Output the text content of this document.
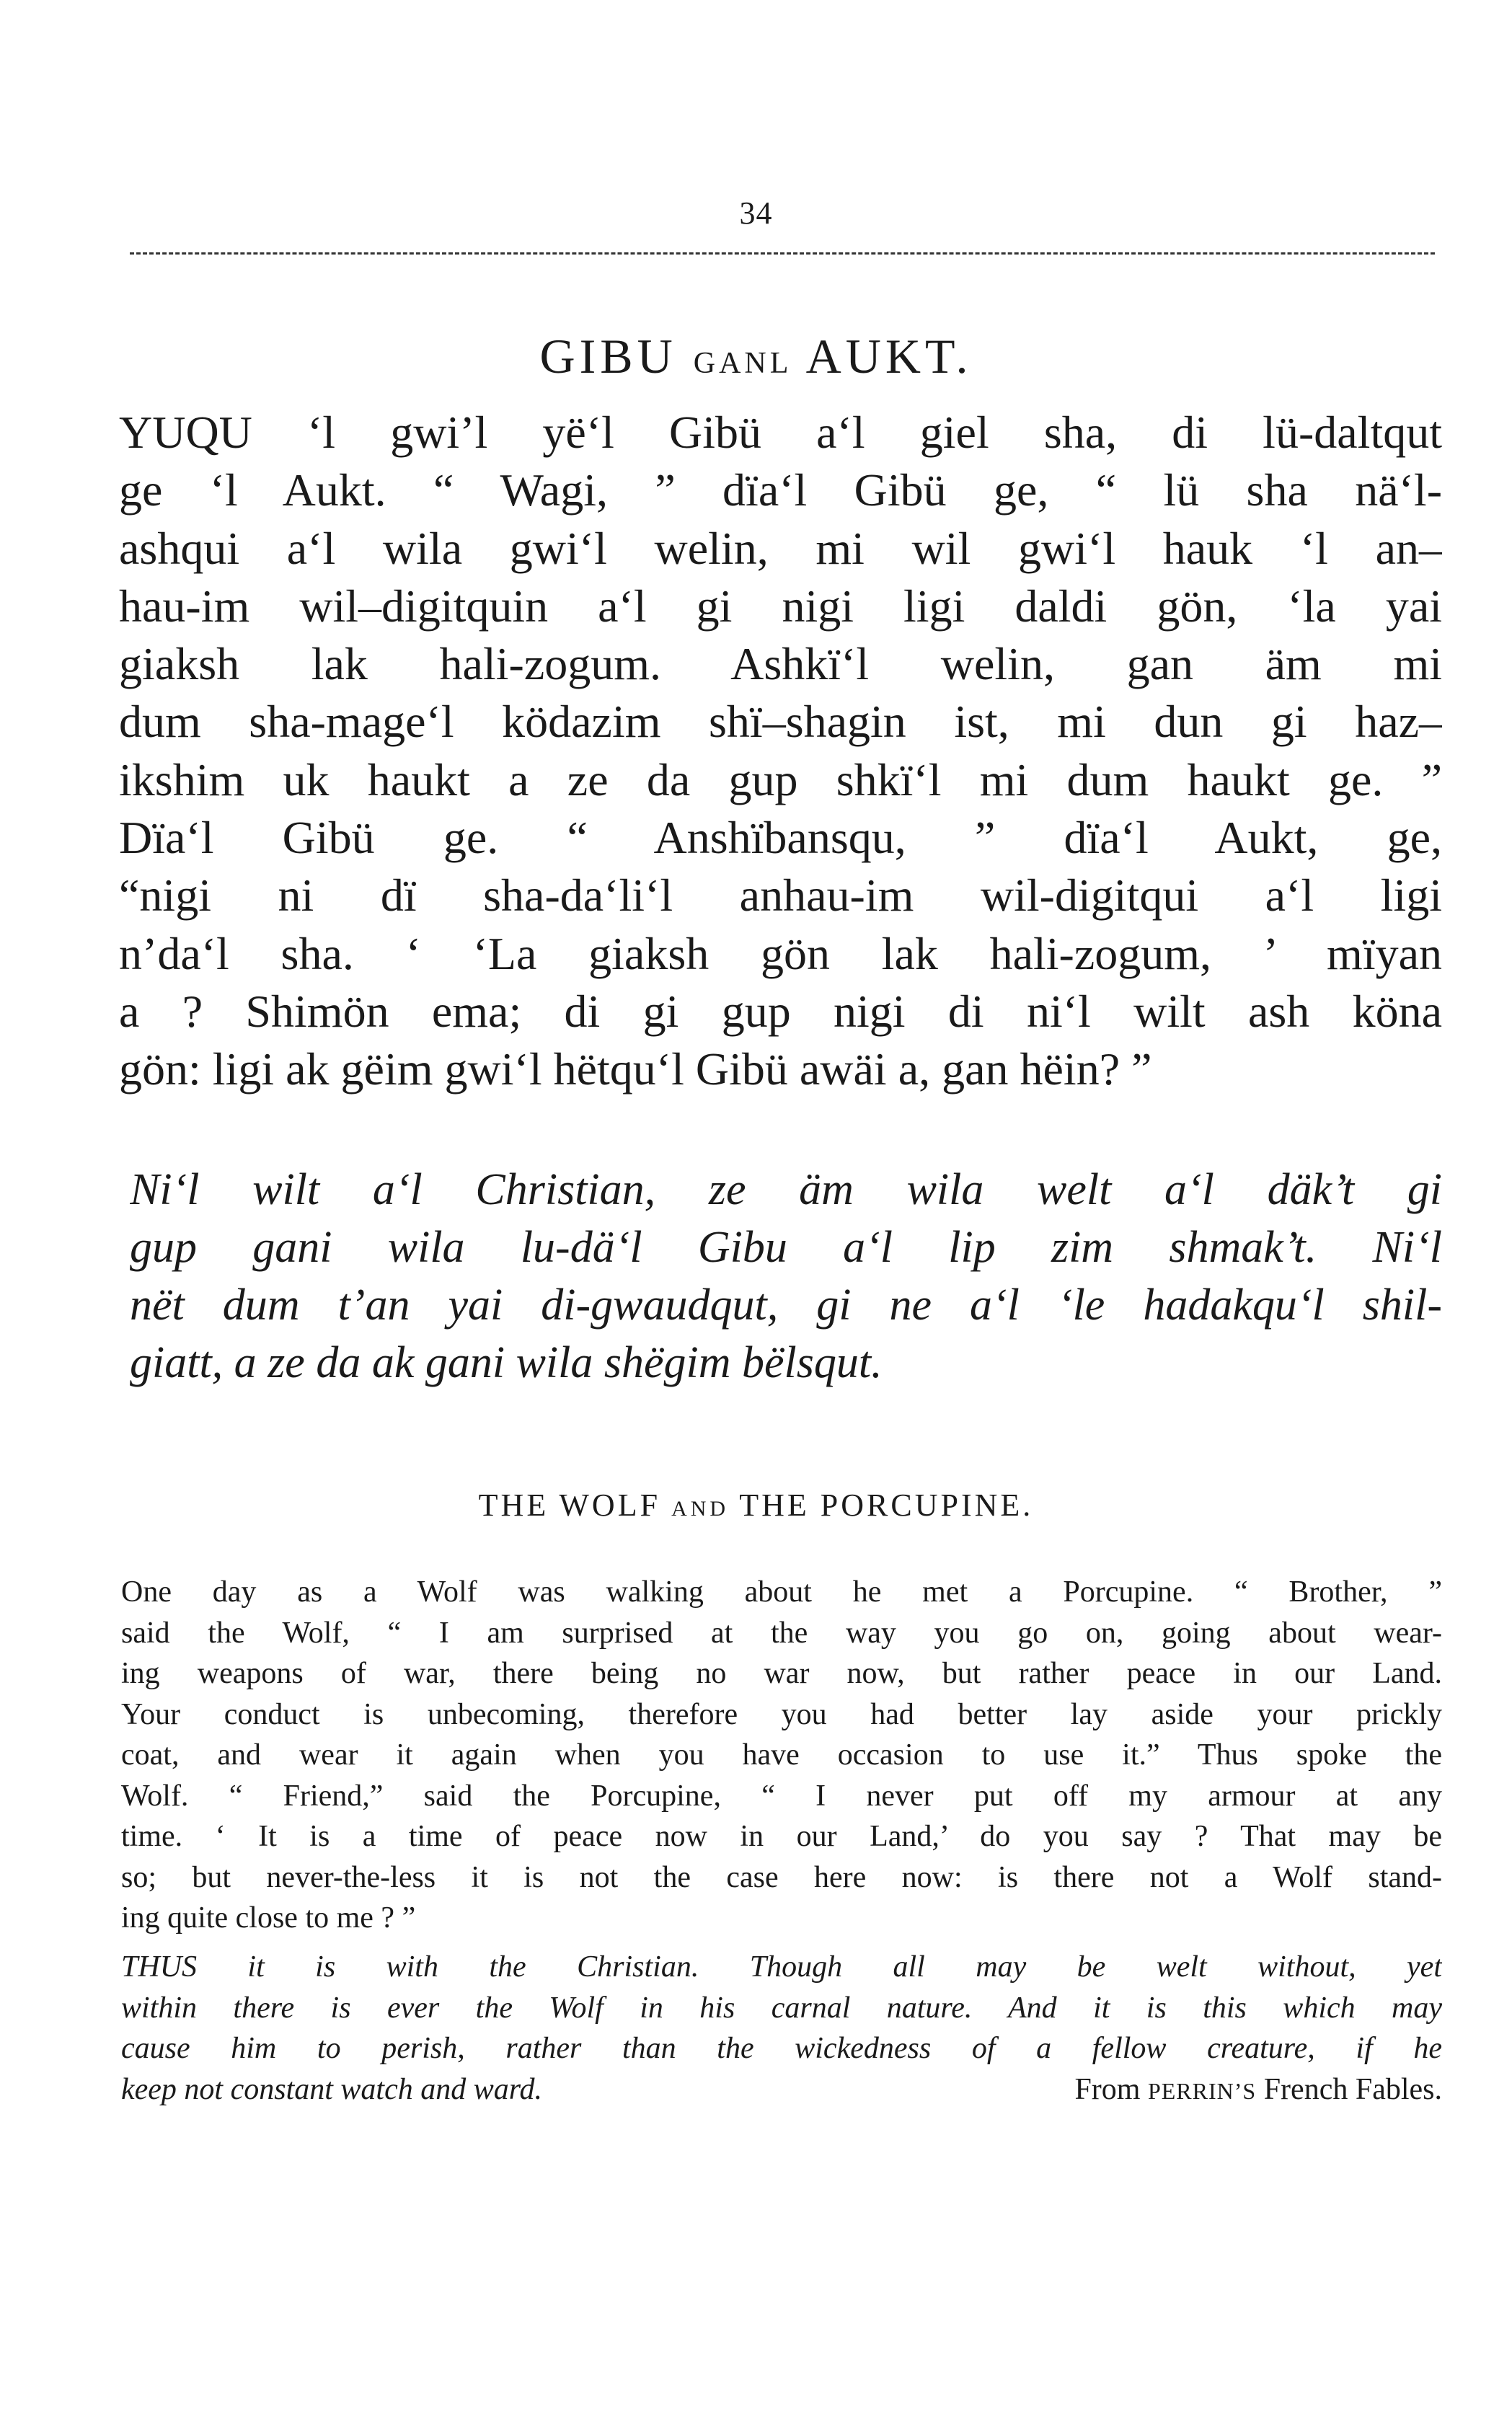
34
GIBU GANL AUKT.
YUQU ‘l gwi’l yë‘l Gibü a‘l giel sha, di lü-daltqut
ge ‘l Aukt. “ Wagi, ” dïa‘l Gibü ge, “ lü sha nä‘l-
ashqui a‘l wila gwi‘l welin, mi wil gwi‘l hauk ‘l an–
hau-im wil–digitquin a‘l gi nigi ligi daldi gön, ‘la yai
giaksh lak hali-zogum. Ashkï‘l welin, gan äm mi
dum sha-mage‘l ködazim shï–shagin ist, mi dun gi haz–
ikshim uk haukt a ze da gup shkï‘l mi dum haukt ge. ”
Dïa‘l Gibü ge. “ Anshïbansqu, ” dïa‘l Aukt, ge,
“nigi ni dï sha-da‘li‘l anhau-im wil-digitqui a‘l ligi
n’da‘l sha. ‘ ‘La giaksh gön lak hali-zogum, ’ mïyan
a ? Shimön ema; di gi gup nigi di ni‘l wilt ash köna
gön: ligi ak gëim gwi‘l hëtqu‘l Gibü awäi a, gan hëin? ”
Ni‘l wilt a‘l Christian, ze äm wila welt a‘l däk’t gi
gup gani wila lu-dä‘l Gibu a‘l lip zim shmak’t. Ni‘l
nët dum t’an yai di-gwaudqut, gi ne a‘l ‘le hadakqu‘l shil-
giatt, a ze da ak gani wila shëgim bëlsqut.
THE WOLF AND THE PORCUPINE.
One day as a Wolf was walking about he met a Porcupine. “ Brother, ”
said the Wolf, “ I am surprised at the way you go on, going about wear-
ing weapons of war, there being no war now, but rather peace in our Land.
Your conduct is unbecoming, therefore you had better lay aside your prickly
coat, and wear it again when you have occasion to use it.” Thus spoke the
Wolf. “ Friend,” said the Porcupine, “ I never put off my armour at any
time. ‘ It is a time of peace now in our Land,’ do you say ? That may be
so; but never-the-less it is not the case here now: is there not a Wolf stand-
ing quite close to me ? ”
THUS it is with the Christian. Though all may be welt without, yet
within there is ever the Wolf in his carnal nature. And it is this which may
cause him to perish, rather than the wickedness of a fellow creature, if he
keep not constant watch and ward.	From PERRIN’S French Fables.
